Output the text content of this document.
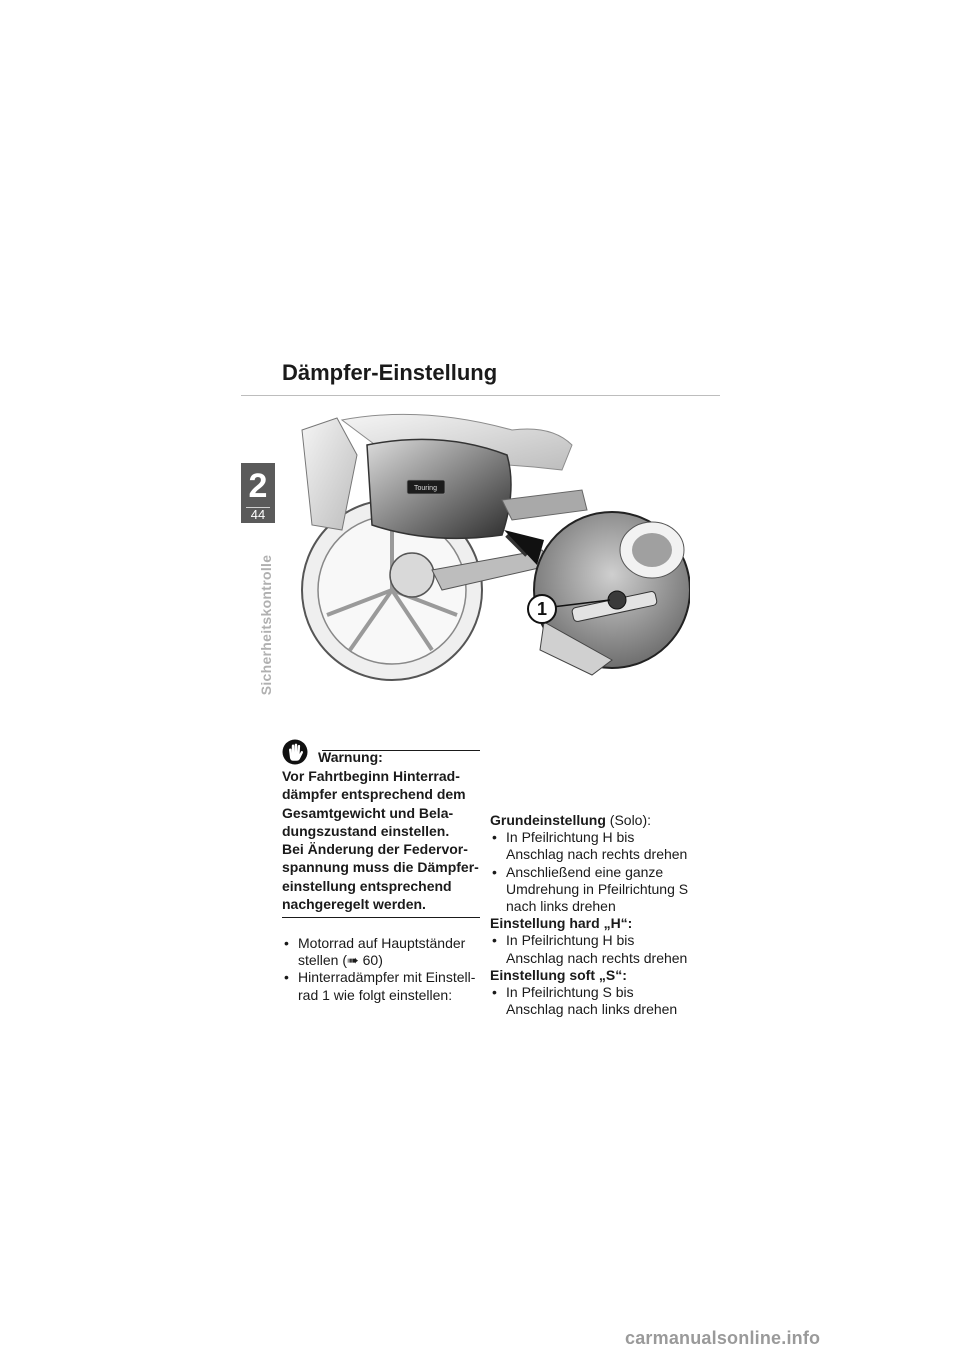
2
44
Sicherheitskontrolle
Dämpfer-Einstellung
Touring
1
Warnung:

Vor Fahrtbeginn Hinterrad-
dämpfer entsprechend dem
Gesamtgewicht und Bela-
dungszustand einstellen.
Bei Änderung der Federvor-
spannung muss die Dämpfer-
einstellung entsprechend
nachgeregelt werden.

• Motorrad auf Hauptständer
stellen (➠ 60)
• Hinterradämpfer mit Einstell-
rad 1 wie folgt einstellen:
Grundeinstellung (Solo):
• In Pfeilrichtung H bis
Anschlag nach rechts drehen
• Anschließend eine ganze
Umdrehung in Pfeilrichtung S
nach links drehen
Einstellung hard „H“:
• In Pfeilrichtung H bis
Anschlag nach rechts drehen
Einstellung soft „S“:
• In Pfeilrichtung S bis
Anschlag nach links drehen
carmanualsonline.info
